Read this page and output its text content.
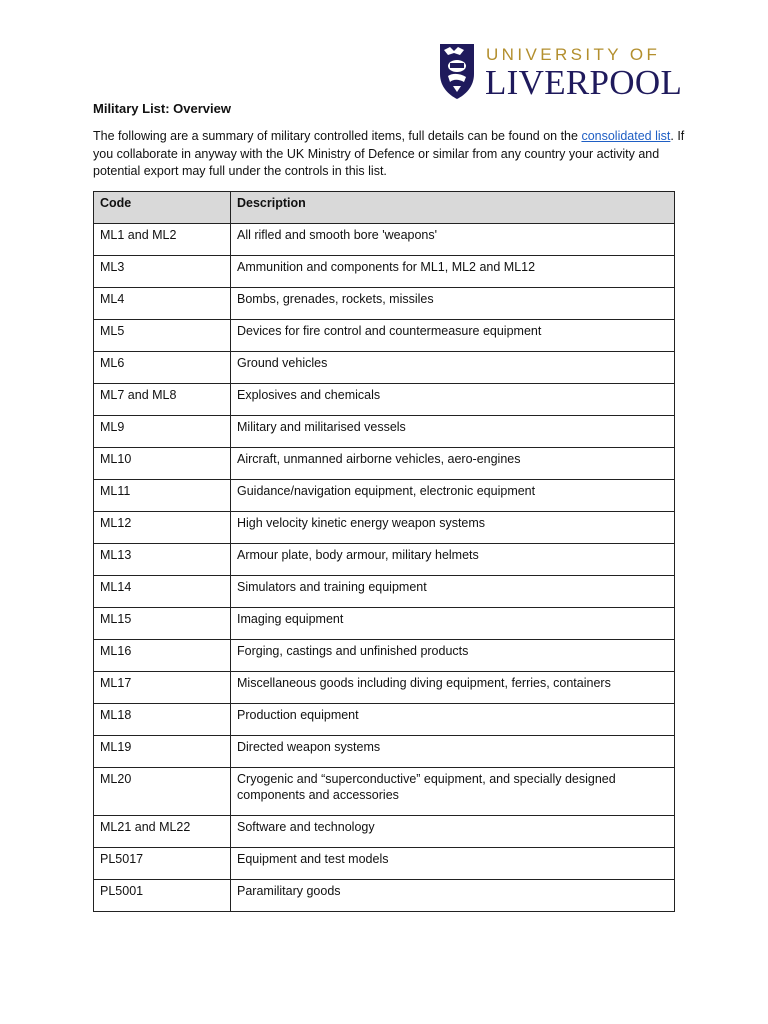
UNIVERSITY OF
LIVERPOOL
Military List: Overview
The following are a summary of military controlled items, full details can be found on the consolidated list. If you collaborate in anyway with the UK Ministry of Defence or similar from any country your activity and potential export may full under the controls in this list.
Code	Description
ML1 and ML2	All rifled and smooth bore 'weapons'
ML3	Ammunition and components for ML1, ML2 and ML12
ML4	Bombs, grenades, rockets, missiles
ML5	Devices for fire control and countermeasure equipment
ML6	Ground vehicles
ML7 and ML8	Explosives and chemicals
ML9	Military and militarised vessels
ML10	Aircraft, unmanned airborne vehicles, aero-engines
ML11	Guidance/navigation equipment, electronic equipment
ML12	High velocity kinetic energy weapon systems
ML13	Armour plate, body armour, military helmets
ML14	Simulators and training equipment
ML15	Imaging equipment
ML16	Forging, castings and unfinished products
ML17	Miscellaneous goods including diving equipment, ferries, containers
ML18	Production equipment
ML19	Directed weapon systems
ML20	Cryogenic and “superconductive” equipment, and specially designed components and accessories
ML21 and ML22	Software and technology
PL5017	Equipment and test models
PL5001	Paramilitary goods
